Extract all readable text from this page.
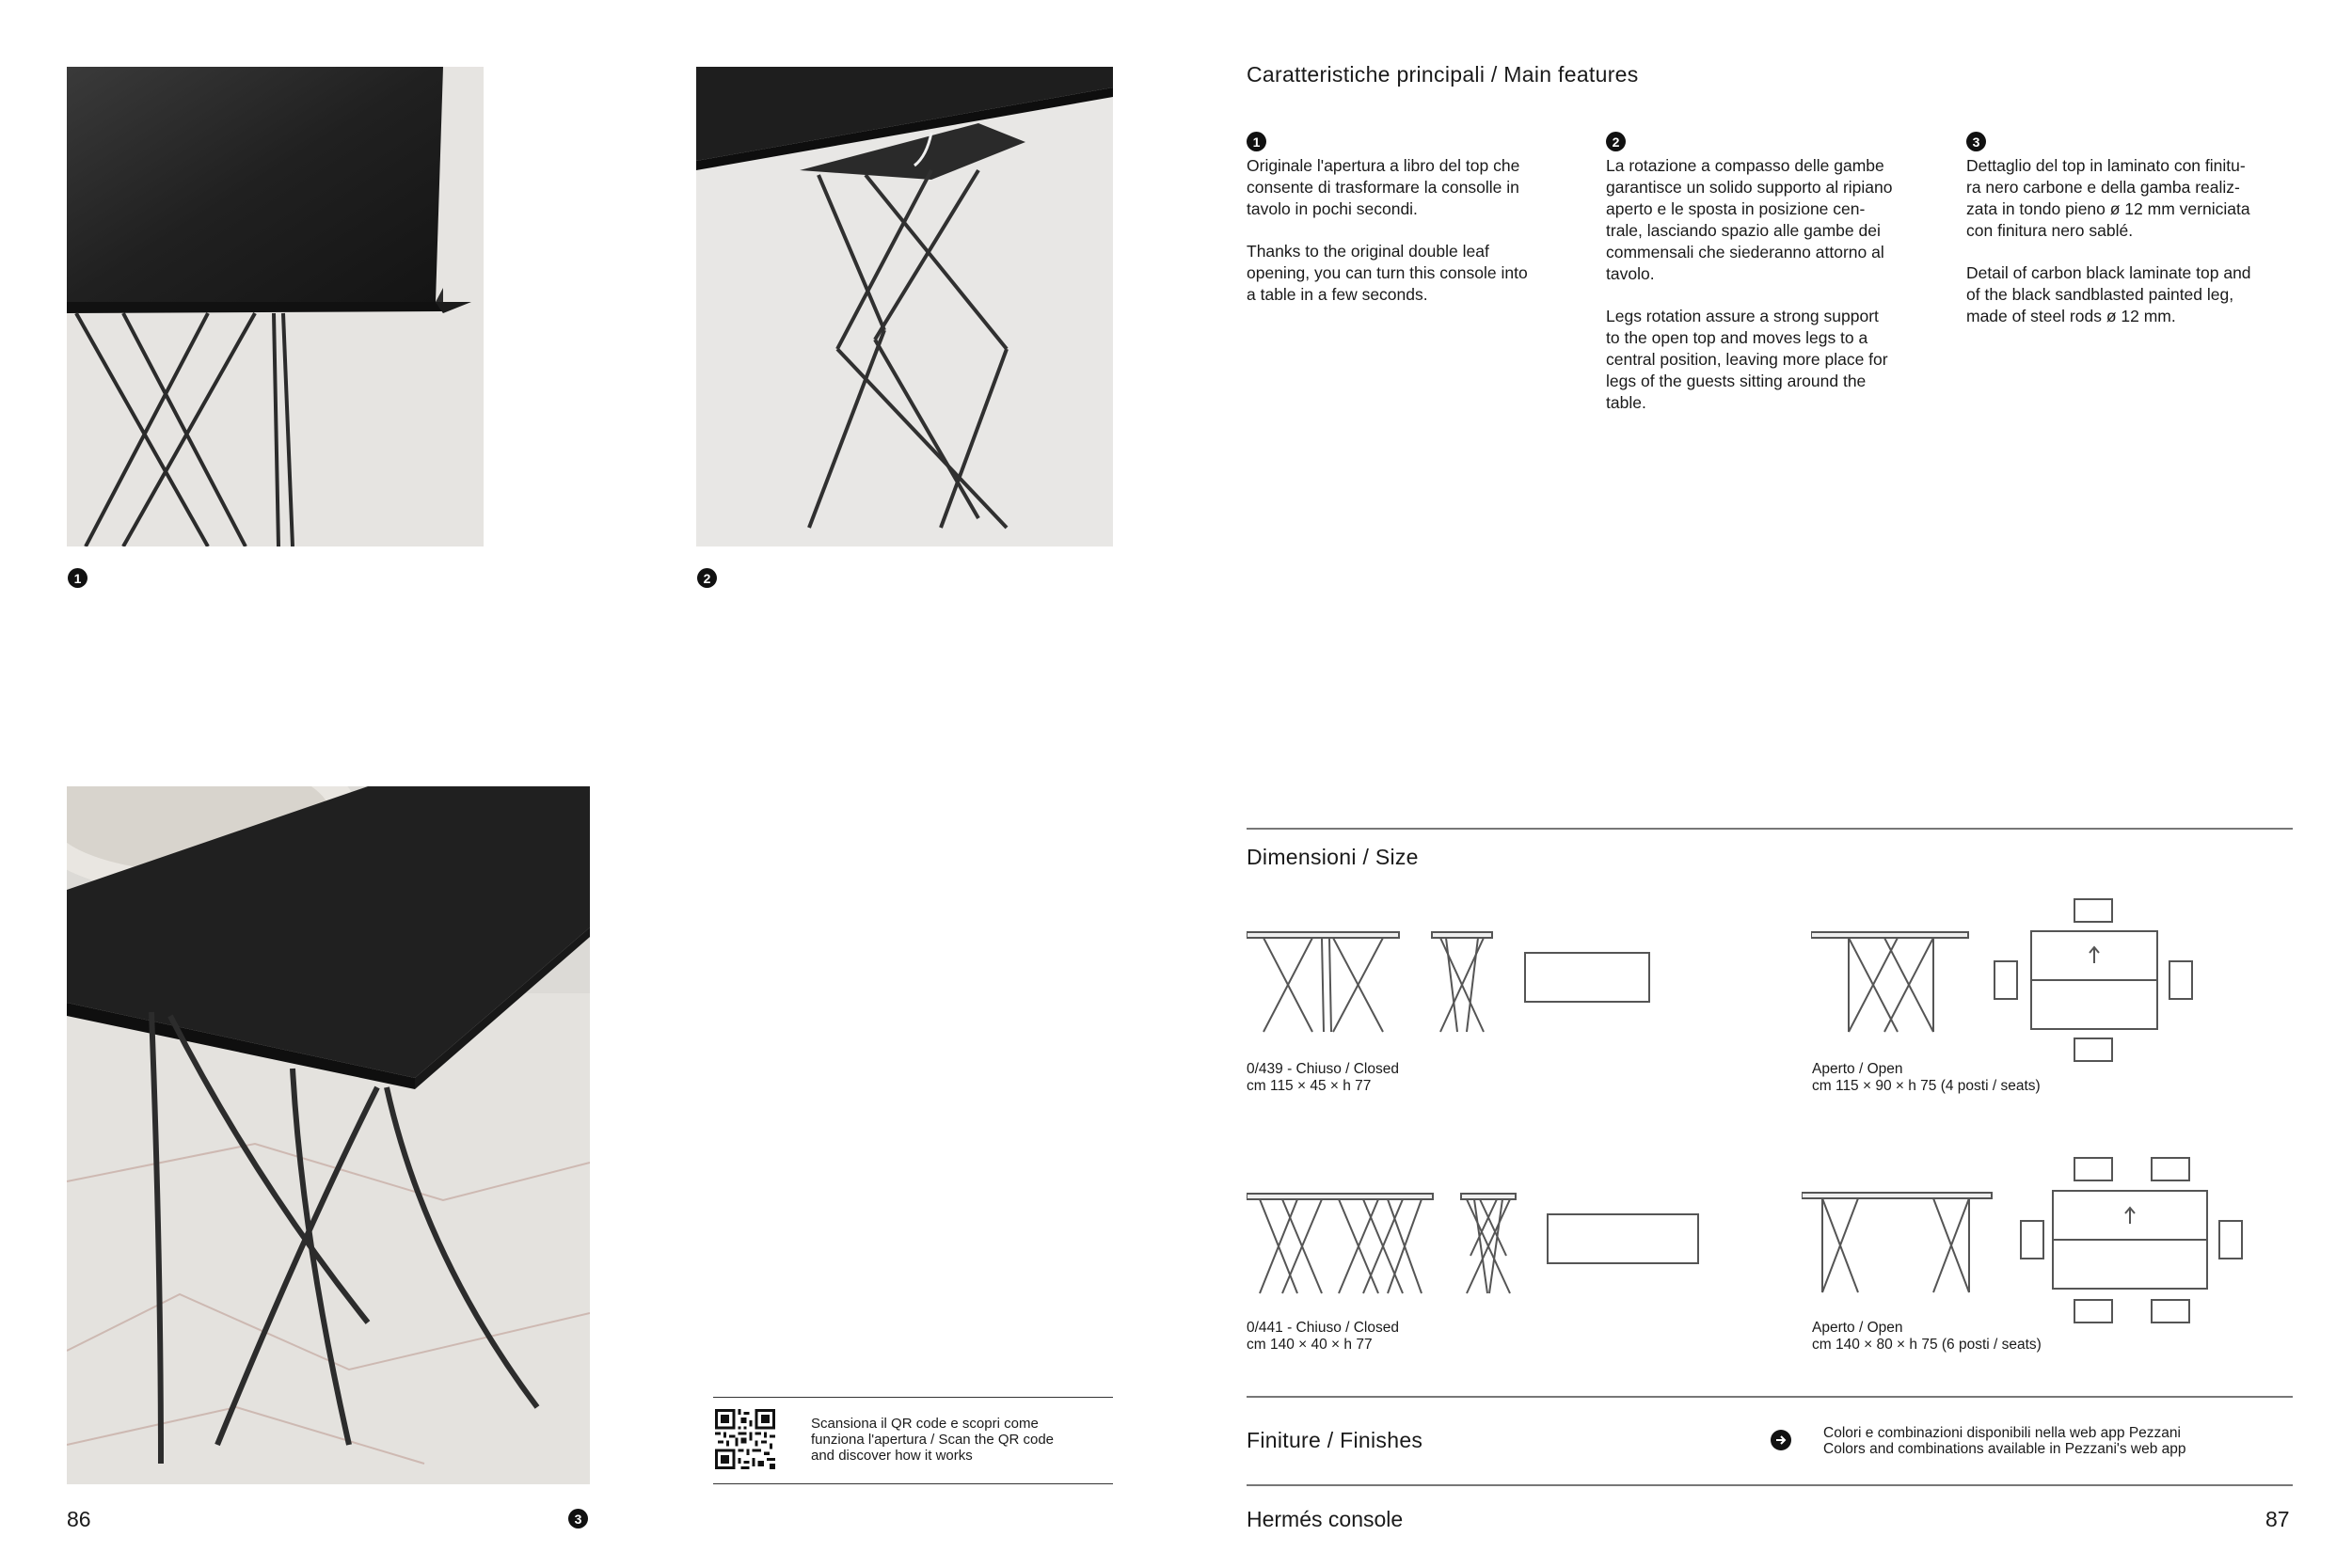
1	2
3
Scansiona il QR code e scopri come
funziona l'apertura / Scan the QR code
and discover how it works
86
Caratteristiche principali / Main features
1

Originale l'apertura a libro del top che
consente di trasformare la consolle in
tavolo in pochi secondi.

Thanks to the original double leaf
opening, you can turn this console into
a table in a few seconds.

2

La rotazione a compasso delle gambe
garantisce un solido supporto al ripiano
aperto e le sposta in posizione cen-
trale, lasciando spazio alle gambe dei
commensali che siederanno attorno al
tavolo.

Legs rotation assure a strong support
to the open top and moves legs to a
central position, leaving more place for
legs of the guests sitting around the
table.

3

Dettaglio del top in laminato con finitu-
ra nero carbone e della gamba realiz-
zata in tondo pieno ø 12 mm verniciata
con finitura nero sablé.

Detail of carbon black laminate top and
of the black sandblasted painted leg,
made of steel rods ø 12 mm.

Dimensioni / Size
0/439 - Chiuso / Closed
cm 115 × 45 × h 77
Aperto / Open
cm 115 × 90 × h 75 (4 posti / seats)
0/441 - Chiuso / Closed
cm 140 × 40 × h 77
Aperto / Open
cm 140 × 80 × h 75 (6 posti / seats)
Finiture / Finishes	Colori e combinazioni disponibili nella web app Pezzani
Colors and combinations available in Pezzani's web app
Hermés console	87
